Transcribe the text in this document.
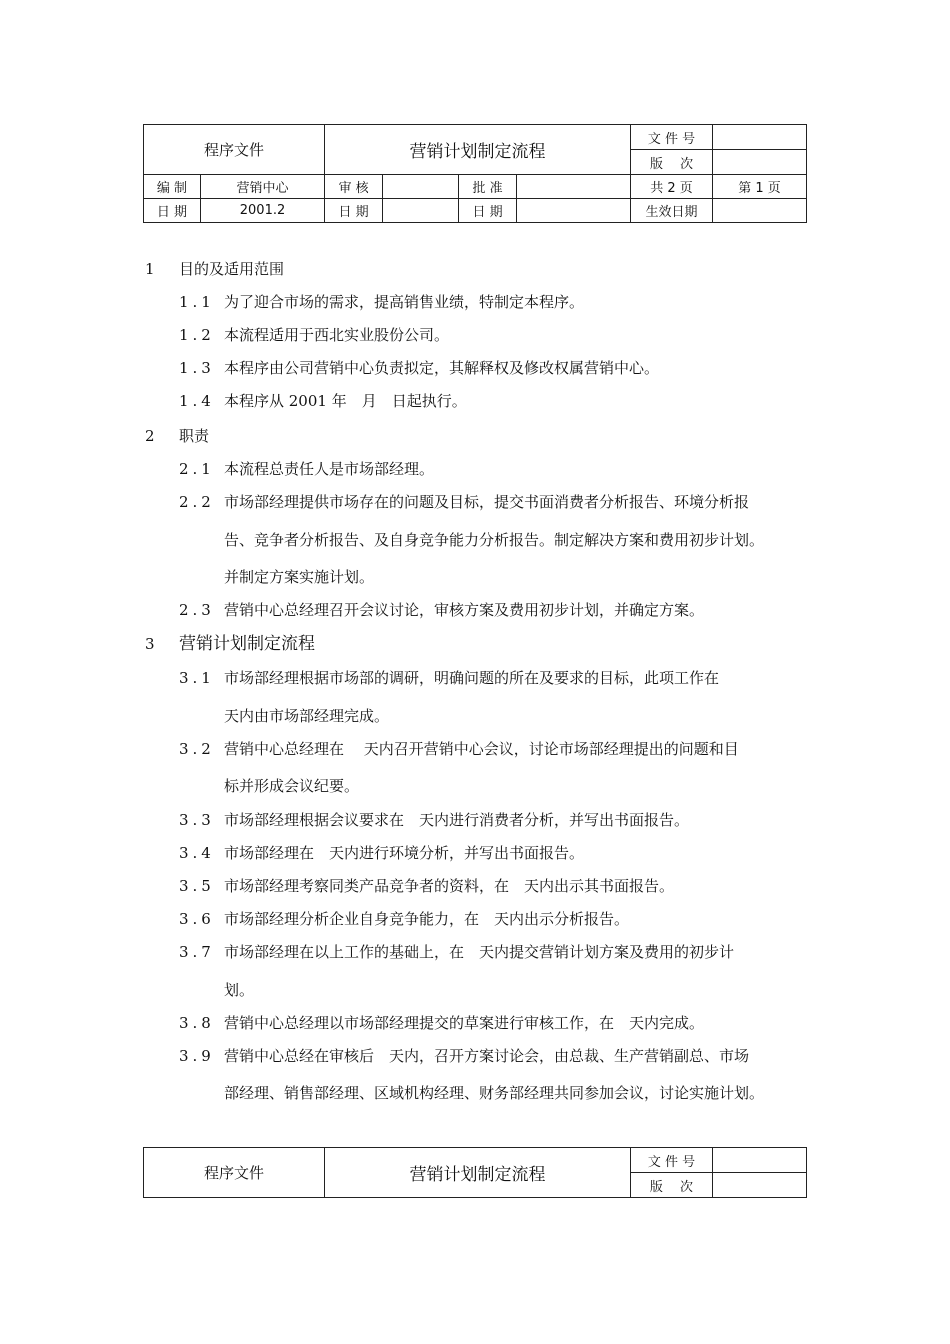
程序文件		营销计划制定流程				文 件 号	
						版　 次	
编 制	营销中心	审 核		批 准		共 2 页	第 1 页
日 期	2001.2	日 期		日 期		生效日期	
1 目的及适用范围
1.1 为了迎合市场的需求，提高销售业绩，特制定本程序。
1.2 本流程适用于西北实业股份公司。
1.3 本程序由公司营销中心负责拟定，其解释权及修改权属营销中心。
1.4 本程序从 2001 年　月　日起执行。
2 职责
2.1 本流程总责任人是市场部经理。
2.2 市场部经理提供市场存在的问题及目标，提交书面消费者分析报告、环境分析报
告、竞争者分析报告、及自身竞争能力分析报告。制定解决方案和费用初步计划。
并制定方案实施计划。
2.3 营销中心总经理召开会议讨论，审核方案及费用初步计划，并确定方案。
3 营销计划制定流程
3.1 市场部经理根据市场部的调研，明确问题的所在及要求的目标，此项工作在
天内由市场部经理完成。
3.2 营销中心总经理在　 天内召开营销中心会议，讨论市场部经理提出的问题和目
标并形成会议纪要。
3.3 市场部经理根据会议要求在　天内进行消费者分析，并写出书面报告。
3.4 市场部经理在　天内进行环境分析，并写出书面报告。
3.5 市场部经理考察同类产品竞争者的资料，在　天内出示其书面报告。
3.6 市场部经理分析企业自身竞争能力，在　天内出示分析报告。
3.7 市场部经理在以上工作的基础上，在　天内提交营销计划方案及费用的初步计
划。
3.8 营销中心总经理以市场部经理提交的草案进行审核工作，在　天内完成。
3.9 营销中心总经在审核后　天内，召开方案讨论会，由总裁、生产营销副总、市场
部经理、销售部经理、区域机构经理、财务部经理共同参加会议，讨论实施计划。
程序文件	营销计划制定流程	文 件 号	
		版　 次	
